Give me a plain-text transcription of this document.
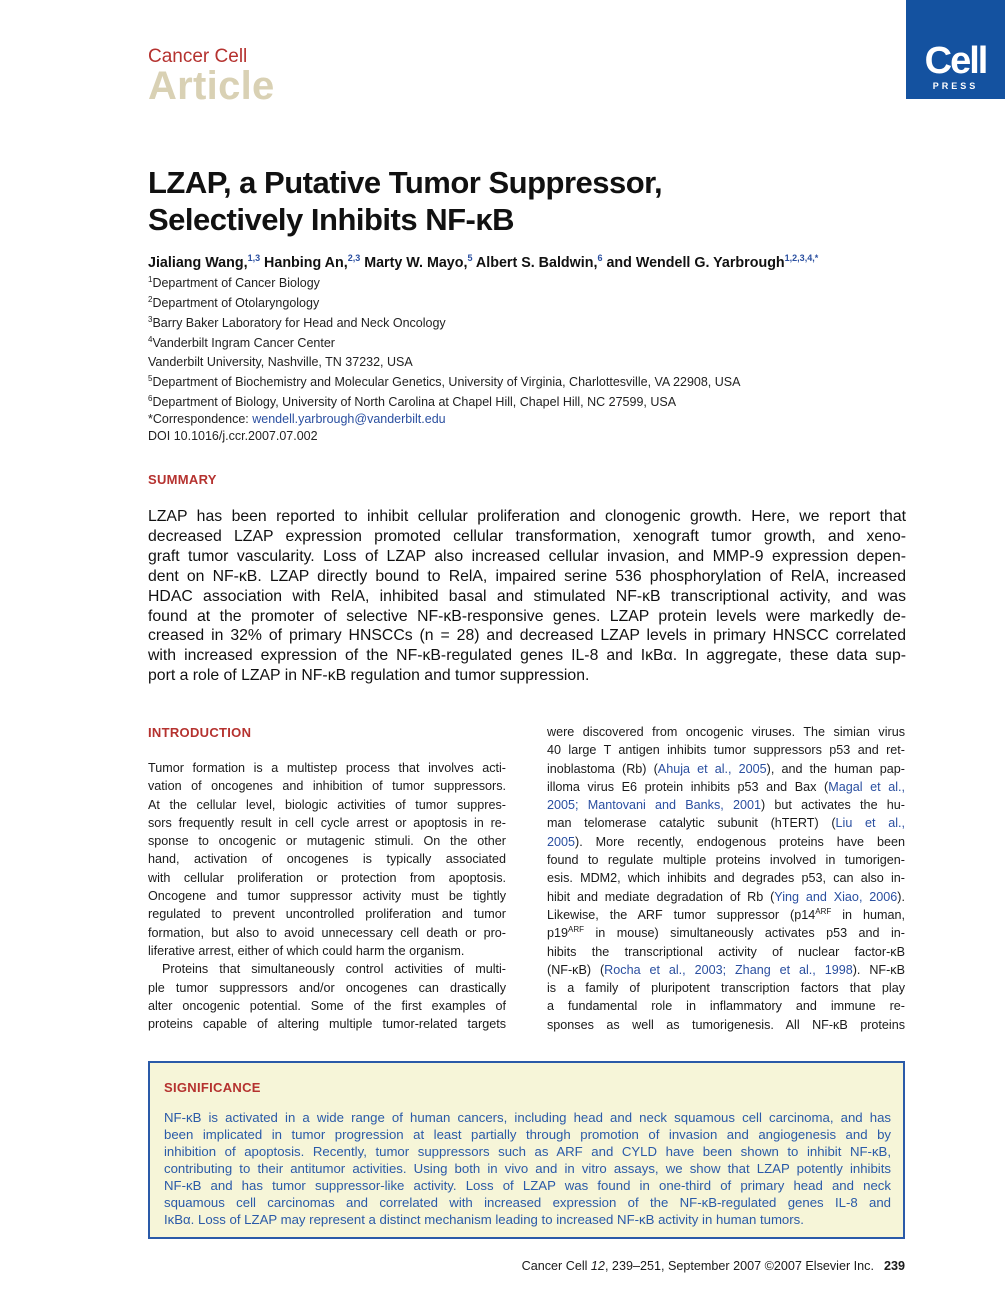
Cancer Cell
Article
Cell
PRESS
LZAP, a Putative Tumor Suppressor,
Selectively Inhibits NF-κB
Jialiang Wang,$^{1,3}$ Hanbing An,$^{2,3}$ Marty W. Mayo,$^5$ Albert S. Baldwin,$^6$ and Wendell G. Yarbrough$^{1,2,3,4,*}$
$^1$Department of Cancer Biology
$^2$Department of Otolaryngology
$^3$Barry Baker Laboratory for Head and Neck Oncology
$^4$Vanderbilt Ingram Cancer Center
Vanderbilt University, Nashville, TN 37232, USA
$^5$Department of Biochemistry and Molecular Genetics, University of Virginia, Charlottesville, VA 22908, USA
$^6$Department of Biology, University of North Carolina at Chapel Hill, Chapel Hill, NC 27599, USA
*Correspondence: wendell.yarbrough@vanderbilt.edu
DOI 10.1016/j.ccr.2007.07.002
SUMMARY
LZAP has been reported to inhibit cellular proliferation and clonogenic growth. Here, we report that
decreased LZAP expression promoted cellular transformation, xenograft tumor growth, and xeno-
graft tumor vascularity. Loss of LZAP also increased cellular invasion, and MMP-9 expression depen-
dent on NF-κB. LZAP directly bound to RelA, impaired serine 536 phosphorylation of RelA, increased
HDAC association with RelA, inhibited basal and stimulated NF-κB transcriptional activity, and was
found at the promoter of selective NF-κB-responsive genes. LZAP protein levels were markedly de-
creased in 32% of primary HNSCCs (n = 28) and decreased LZAP levels in primary HNSCC correlated
with increased expression of the NF-κB-regulated genes IL-8 and IκBα. In aggregate, these data sup-
port a role of LZAP in NF-κB regulation and tumor suppression.
INTRODUCTION
Tumor formation is a multistep process that involves acti-
vation of oncogenes and inhibition of tumor suppressors.
At the cellular level, biologic activities of tumor suppres-
sors frequently result in cell cycle arrest or apoptosis in re-
sponse to oncogenic or mutagenic stimuli. On the other
hand, activation of oncogenes is typically associated
with cellular proliferation or protection from apoptosis.
Oncogene and tumor suppressor activity must be tightly
regulated to prevent uncontrolled proliferation and tumor
formation, but also to avoid unnecessary cell death or pro-
liferative arrest, either of which could harm the organism.
Proteins that simultaneously control activities of multi-
ple tumor suppressors and/or oncogenes can drastically
alter oncogenic potential. Some of the first examples of
proteins capable of altering multiple tumor-related targets
were discovered from oncogenic viruses. The simian virus
40 large T antigen inhibits tumor suppressors p53 and ret-
inoblastoma (Rb) (Ahuja et al., 2005), and the human pap-
illoma virus E6 protein inhibits p53 and Bax (Magal et al.,
2005; Mantovani and Banks, 2001) but activates the hu-
man telomerase catalytic subunit (hTERT) (Liu et al.,
2005). More recently, endogenous proteins have been
found to regulate multiple proteins involved in tumorigen-
esis. MDM2, which inhibits and degrades p53, can also in-
hibit and mediate degradation of Rb (Ying and Xiao, 2006).
Likewise, the ARF tumor suppressor ($p14^{ARF}$ in human,
$p19^{ARF}$ in mouse) simultaneously activates p53 and in-
hibits the transcriptional activity of nuclear factor-κB
(NF-κB) (Rocha et al., 2003; Zhang et al., 1998). NF-κB
is a family of pluripotent transcription factors that play
a fundamental role in inflammatory and immune re-
sponses as well as tumorigenesis. All NF-κB proteins
SIGNIFICANCE
NF-κB is activated in a wide range of human cancers, including head and neck squamous cell carcinoma, and has
been implicated in tumor progression at least partially through promotion of invasion and angiogenesis and by
inhibition of apoptosis. Recently, tumor suppressors such as ARF and CYLD have been shown to inhibit NF-κB,
contributing to their antitumor activities. Using both in vivo and in vitro assays, we show that LZAP potently inhibits
NF-κB and has tumor suppressor-like activity. Loss of LZAP was found in one-third of primary head and neck
squamous cell carcinomas and correlated with increased expression of the NF-κB-regulated genes IL-8 and
IκBα. Loss of LZAP may represent a distinct mechanism leading to increased NF-κB activity in human tumors.
Cancer Cell 12, 239–251, September 2007 ©2007 Elsevier Inc. 239
